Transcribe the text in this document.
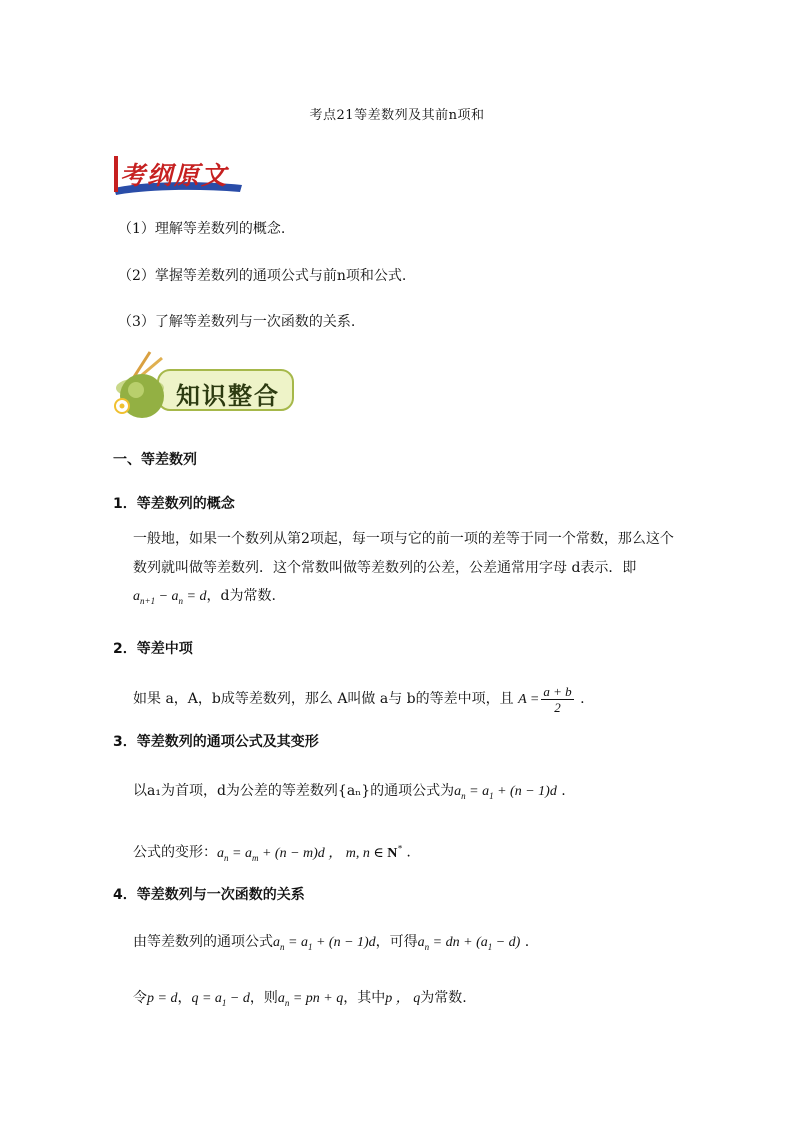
考点21等差数列及其前n项和
考纲原文
（1）理解等差数列的概念.
（2）掌握等差数列的通项公式与前n项和公式.
（3）了解等差数列与一次函数的关系.
知识整合
一、等差数列
1．等差数列的概念
一般地，如果一个数列从第2项起，每一项与它的前一项的差等于同一个常数，那么这个
数列就叫做等差数列．这个常数叫做等差数列的公差，公差通常用字母 d表示．即
$a_{n+1} - a_n = d$，d为常数.
2．等差中项
如果 a，A，b成等差数列，那么 A叫做 a与 b的等差中项，且 $A = \frac{a + b}{2}$ .
3．等差数列的通项公式及其变形
以a₁为首项，d为公差的等差数列{aₙ}的通项公式为$a_n = a_1 + (n - 1)d$ .
公式的变形：$a_n = a_m + (n - m)d$ ， m, n ∈ N* .
4．等差数列与一次函数的关系
由等差数列的通项公式$a_n = a_1 + (n - 1)d$，可得$a_n$ = dn + $(a_1 - d)$ .
令p = d，$q = a_1 - d$，则$a_n$ = pn + q，其中p ， q为常数.
